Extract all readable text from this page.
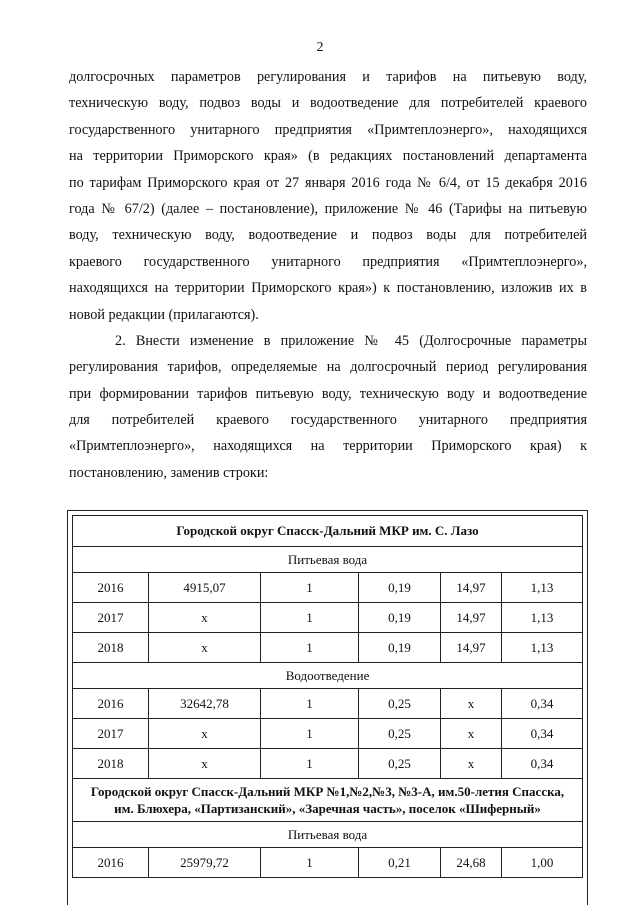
2
долгосрочных параметров регулирования и тарифов на питьевую воду,
техническую воду, подвоз воды и водоотведение для потребителей краевого
государственного унитарного предприятия «Примтеплоэнерго», находящихся
на территории Приморского края» (в редакциях постановлений департамента
по тарифам Приморского края от 27 января 2016 года № 6/4, от 15 декабря 2016
года № 67/2) (далее – постановление), приложение № 46 (Тарифы на питьевую
воду, техническую воду, водоотведение и подвоз воды для потребителей
краевого государственного унитарного предприятия «Примтеплоэнерго»,
находящихся на территории Приморского края») к постановлению, изложив их в
новой редакции (прилагаются).
2. Внести изменение в приложение № 45 (Долгосрочные параметры
регулирования тарифов, определяемые на долгосрочный период регулирования
при формировании тарифов питьевую воду, техническую воду и водоотведение
для потребителей краевого государственного унитарного предприятия
«Примтеплоэнерго», находящихся на территории Приморского края) к
постановлению, заменив строки:
Городской округ Спасск-Дальний МКР им. С. Лазо					
Питьевая вода					
2016	4915,07	1	0,19	14,97	1,13
2017	х	1	0,19	14,97	1,13
2018	х	1	0,19	14,97	1,13
Водоотведение					
2016	32642,78	1	0,25	х	0,34
2017	х	1	0,25	х	0,34
2018	х	1	0,25	х	0,34

Городской округ Спасск-Дальний МКР №1,№2,№3, №3-А, им.50-летия Спасска,
им. Блюхера, «Партизанский», «Заречная часть», поселок «Шиферный»					

Питьевая вода					
2016	25979,72	1	0,21	24,68	1,00
